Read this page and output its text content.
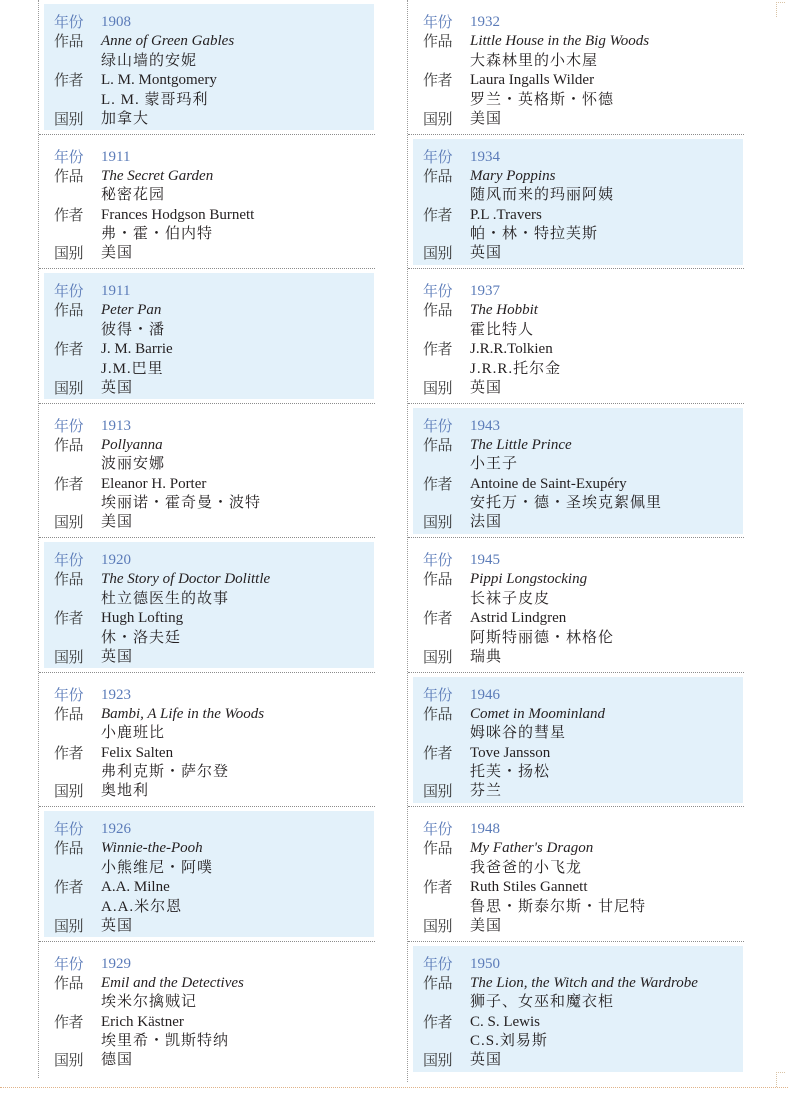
年份	1908
作品	Anne of Green Gables
绿山墙的安妮
作者	L. M. Montgomery
L. M. 蒙哥玛利
国别	加拿大
年份	1911
作品	The Secret Garden
秘密花园
作者	Frances Hodgson Burnett
弗・霍・伯内特
国别	美国
年份	1911
作品	Peter Pan
彼得・潘
作者	J. M. Barrie
J.M.巴里
国别	英国
年份	1913
作品	Pollyanna
波丽安娜
作者	Eleanor H. Porter
埃丽诺・霍奇曼・波特
国别	美国
年份	1920
作品	The Story of Doctor Dolittle
杜立德医生的故事
作者	Hugh Lofting
休・洛夫廷
国别	英国
年份	1923
作品	Bambi, A Life in the Woods
小鹿班比
作者	Felix Salten
弗利克斯・萨尔登
国别	奥地利
年份	1926
作品	Winnie-the-Pooh
小熊维尼・阿噗
作者	A.A. Milne
A.A.米尔恩
国别	英国
年份	1929
作品	Emil and the Detectives
埃米尔擒贼记
作者	Erich Kästner
埃里希・凯斯特纳
国别	德国
年份	1932
作品	Little House in the Big Woods
大森林里的小木屋
作者	Laura Ingalls Wilder
罗兰・英格斯・怀德
国别	美国
年份	1934
作品	Mary Poppins
随风而来的玛丽阿姨
作者	P.L .Travers
帕・林・特拉芙斯
国别	英国
年份	1937
作品	The Hobbit
霍比特人
作者	J.R.R.Tolkien
J.R.R.托尔金
国别	英国
年份	1943
作品	The Little Prince
小王子
作者	Antoine de Saint-Exupéry
安托万・德・圣埃克絮佩里
国别	法国
年份	1945
作品	Pippi Longstocking
长袜子皮皮
作者	Astrid Lindgren
阿斯特丽德・林格伦
国别	瑞典
年份	1946
作品	Comet in Moominland
姆咪谷的彗星
作者	Tove Jansson
托芙・扬松
国别	芬兰
年份	1948
作品	My Father's Dragon
我爸爸的小飞龙
作者	Ruth Stiles Gannett
鲁思・斯泰尔斯・甘尼特
国别	美国
年份	1950
作品	The Lion, the Witch and the Wardrobe
狮子、女巫和魔衣柜
作者	C. S. Lewis
C.S.刘易斯
国别	英国
